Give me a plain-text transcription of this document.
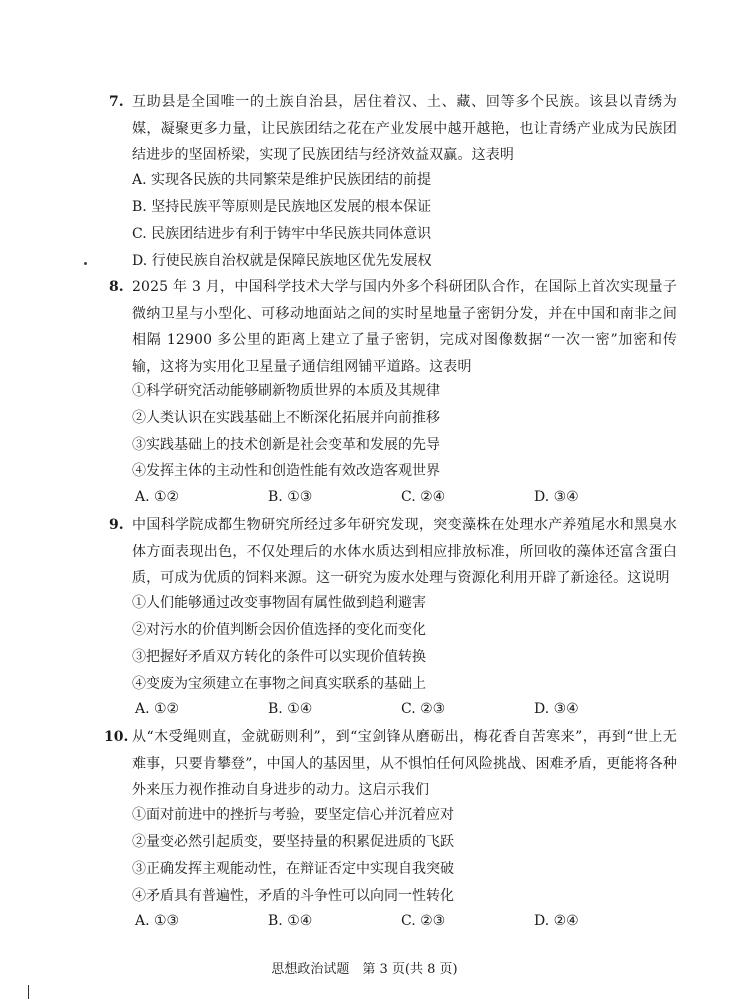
7. 互助县是全国唯一的土族自治县，居住着汉、土、藏、回等多个民族。该县以青绣为媒，凝聚更多力量，让民族团结之花在产业发展中越开越艳，也让青绣产业成为民族团结进步的坚固桥梁，实现了民族团结与经济效益双赢。这表明
A. 实现各民族的共同繁荣是维护民族团结的前提
B. 坚持民族平等原则是民族地区发展的根本保证
C. 民族团结进步有利于铸牢中华民族共同体意识
D. 行使民族自治权就是保障民族地区优先发展权
8. 2025 年 3 月，中国科学技术大学与国内外多个科研团队合作，在国际上首次实现量子微纳卫星与小型化、可移动地面站之间的实时星地量子密钥分发，并在中国和南非之间相隔 12900 多公里的距离上建立了量子密钥，完成对图像数据“一次一密”加密和传输，这将为实用化卫星量子通信组网铺平道路。这表明
①科学研究活动能够刷新物质世界的本质及其规律
②人类认识在实践基础上不断深化拓展并向前推移
③实践基础上的技术创新是社会变革和发展的先导
④发挥主体的主动性和创造性能有效改造客观世界
A. ①②	B. ①③	C. ②④	D. ③④
9. 中国科学院成都生物研究所经过多年研究发现，突变藻株在处理水产养殖尾水和黑臭水体方面表现出色，不仅处理后的水体水质达到相应排放标准，所回收的藻体还富含蛋白质，可成为优质的饲料来源。这一研究为废水处理与资源化利用开辟了新途径。这说明
①人们能够通过改变事物固有属性做到趋利避害
②对污水的价值判断会因价值选择的变化而变化
③把握好矛盾双方转化的条件可以实现价值转换
④变废为宝须建立在事物之间真实联系的基础上
A. ①②	B. ①④	C. ②③	D. ③④
10. 从“木受绳则直，金就砺则利”，到“宝剑锋从磨砺出，梅花香自苦寒来”，再到“世上无难事，只要肯攀登”，中国人的基因里，从不惧怕任何风险挑战、困难矛盾，更能将各种外来压力视作推动自身进步的动力。这启示我们
①面对前进中的挫折与考验，要坚定信心并沉着应对
②量变必然引起质变，要坚持量的积累促进质的飞跃
③正确发挥主观能动性，在辩证否定中实现自我突破
④矛盾具有普遍性，矛盾的斗争性可以向同一性转化
A. ①③	B. ①④	C. ②③	D. ②④
思想政治试题　第 3 页(共 8 页)
